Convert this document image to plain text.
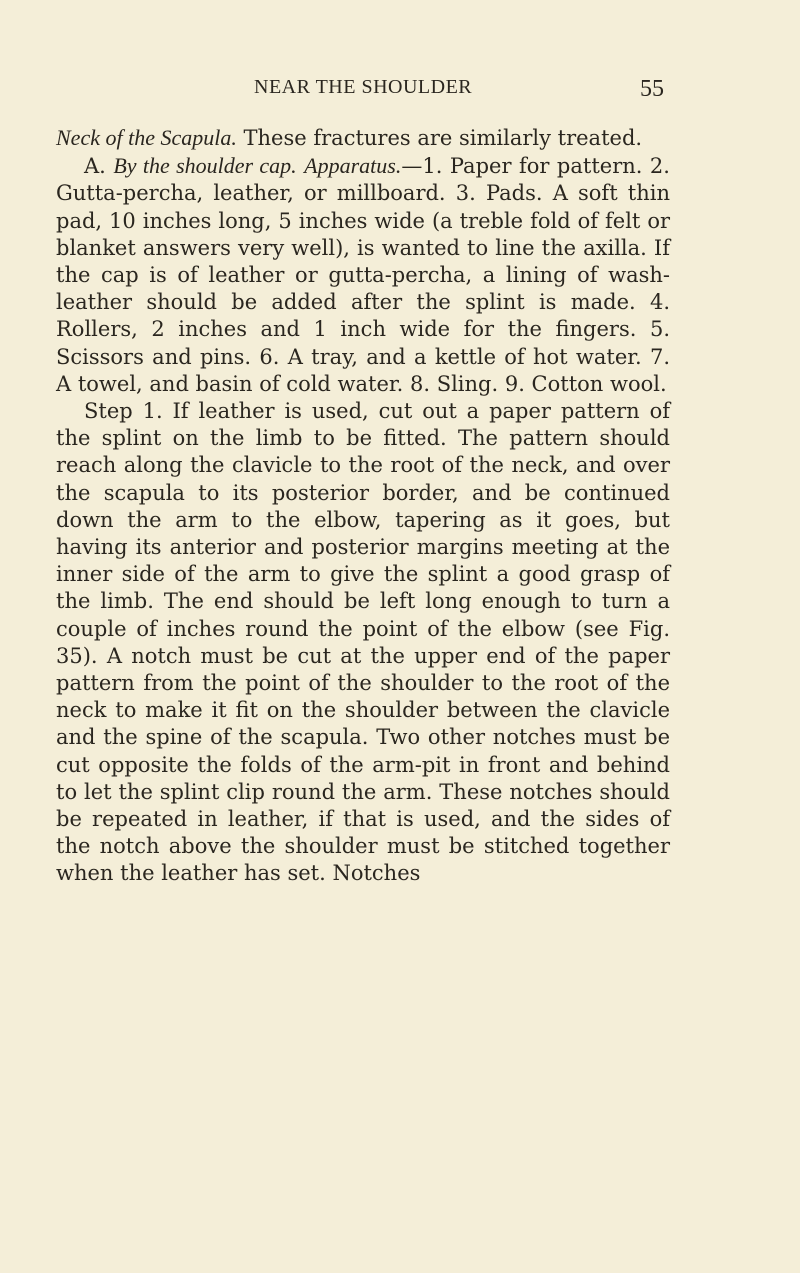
NEAR THE SHOULDER	55

Neck of the Scapula. These fractures are similarly treated.

A. By the shoulder cap. Apparatus.—1. Paper for pattern. 2. Gutta-percha, leather, or millboard. 3. Pads. A soft thin pad, 10 inches long, 5 inches wide (a treble fold of felt or blanket answers very well), is wanted to line the axilla. If the cap is of leather or gutta-percha, a lining of wash-leather should be added after the splint is made. 4. Rollers, 2 inches and 1 inch wide for the fingers. 5. Scissors and pins. 6. A tray, and a kettle of hot water. 7. A towel, and basin of cold water. 8. Sling. 9. Cotton wool.

Step 1. If leather is used, cut out a paper pattern of the splint on the limb to be fitted. The pattern should reach along the clavicle to the root of the neck, and over the scapula to its posterior border, and be continued down the arm to the elbow, tapering as it goes, but having its anterior and posterior margins meeting at the inner side of the arm to give the splint a good grasp of the limb. The end should be left long enough to turn a couple of inches round the point of the elbow (see Fig. 35). A notch must be cut at the upper end of the paper pattern from the point of the shoulder to the root of the neck to make it fit on the shoulder between the clavicle and the spine of the scapula. Two other notches must be cut opposite the folds of the arm-pit in front and behind to let the splint clip round the arm. These notches should be repeated in leather, if that is used, and the sides of the notch above the shoulder must be stitched together when the leather has set. Notches
